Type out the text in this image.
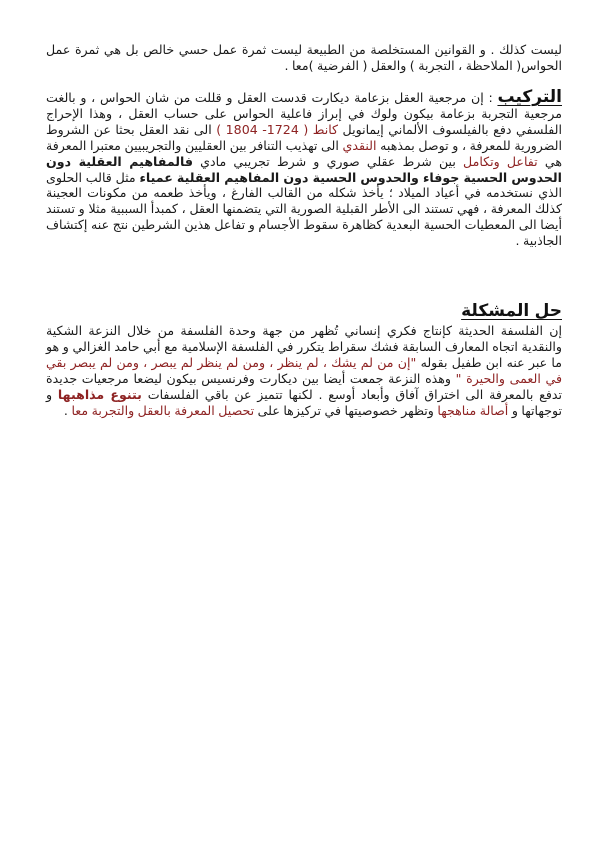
ليست كذلك . و القوانين المستخلصة من الطبيعة ليست ثمرة عمل حسي خالص بل هي ثمرة عمل الحواس( الملاحظة ، التجربة ) والعقل ( الفرضية )معا .
التركيب : إن مرجعية العقل بزعامة ديكارت قدست العقل و قللت من شان الحواس ، و بالغت مرجعية التجربة بزعامة بيكون ولوك في إبراز فاعلية الحواس على حساب العقل ، وهذا الإحراج الفلسفي دفع بالفيلسوف الألماني إيمانويل كانط ( 1724- 1804 ) الى نقد العقل بحثا عن الشروط الضرورية للمعرفة ، و توصل بمذهبه النقدي الى تهذيب التنافر بين العقليين والتجريبيين معتبرا المعرفة هي تفاعل وتكامل بين شرط عقلي صوري و شرط تجريبي مادي فالمفاهيم العقلية دون الحدوس الحسية جوفاء والحدوس الحسية دون المفاهيم العقلية عمياء مثل قالب الحلوى الذي نستخدمه في أعياد الميلاد ؛ يأخذ شكله من القالب الفارغ ، ويأخذ طعمه من مكونات العجينة كذلك المعرفة ، فهي تستند الى الأطر القبلية الصورية التي يتضمنها العقل ، كمبدأ السببية مثلا و تستند أيضا الى المعطيات الحسية البعدية كظاهرة سقوط الأجسام و تفاعل هذين الشرطين نتج عنه إكتشاف الجاذبية .
حل المشكلة
إن الفلسفة الحديثة كإنتاج فكري إنساني تُظهر من جهة وحدة الفلسفة من خلال النزعة الشكية والنقدية اتجاه المعارف السابقة فشك سقراط يتكرر في الفلسفة الإسلامية مع أبي حامد الغزالي و هو ما عبر عنه ابن طفيل بقوله "إن من لم يشك ، لم ينظر ، ومن لم ينظر لم يبصر ، ومن لم يبصر بقي في العمى والحيرة " وهذه النزعة جمعت أيضا بين ديكارت وفرنسيس بيكون ليضعا مرجعيات جديدة تدفع بالمعرفة الى اختراق آفاق وأبعاد أوسع . لكنها تتميز عن باقي الفلسفات بتنوع مذاهبها و توجهاتها و أصالة مناهجها وتظهر خصوصيتها في تركيزها على تحصيل المعرفة بالعقل والتجربة معا .
